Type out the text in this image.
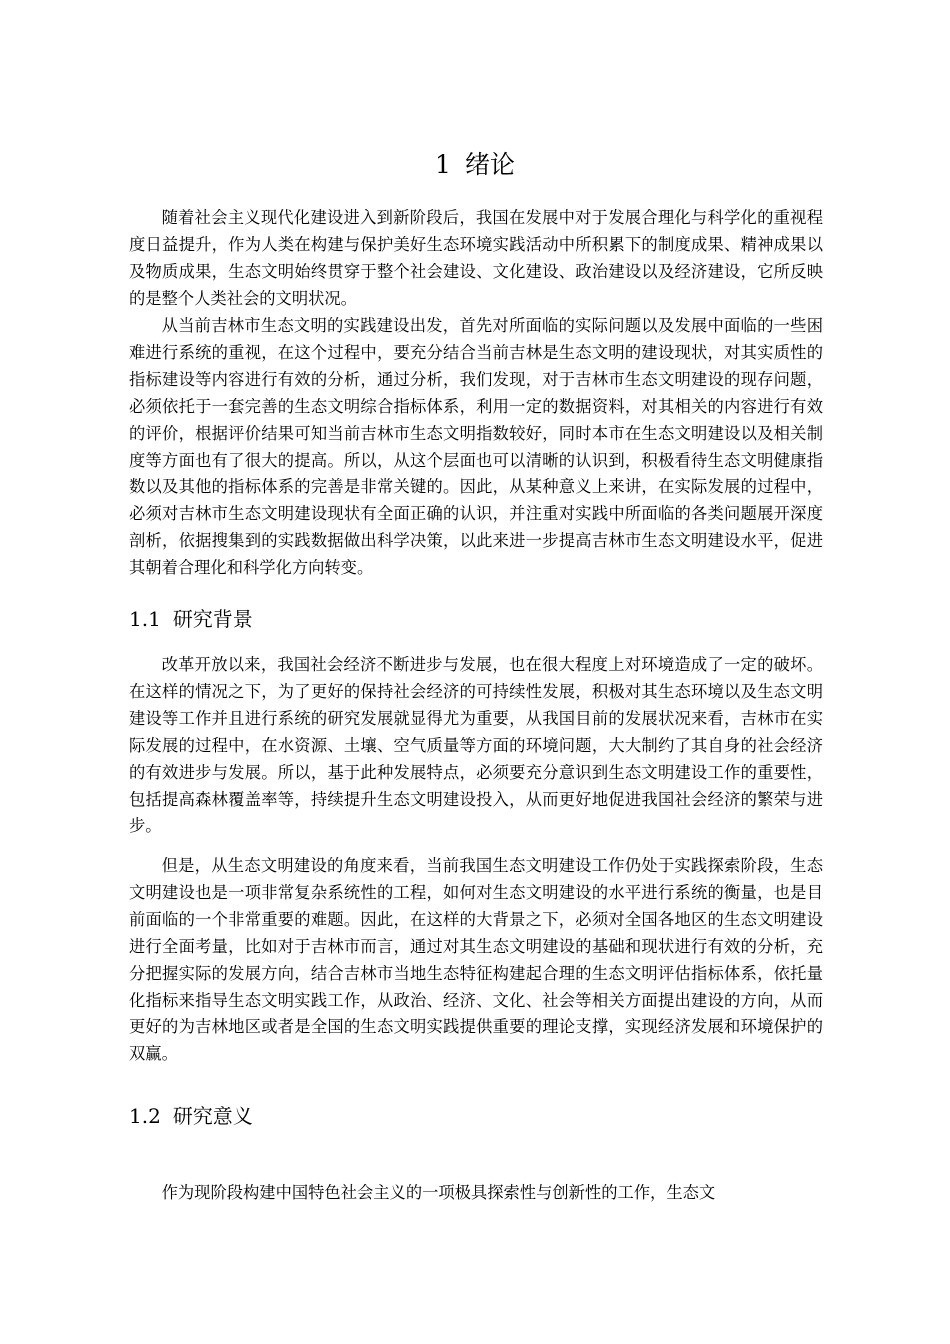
1 绪论

随着社会主义现代化建设进入到新阶段后，我国在发展中对于发展合理化与科学化的重视程度日益提升，作为人类在构建与保护美好生态环境实践活动中所积累下的制度成果、精神成果以及物质成果，生态文明始终贯穿于整个社会建设、文化建设、政治建设以及经济建设，它所反映的是整个人类社会的文明状况。

从当前吉林市生态文明的实践建设出发，首先对所面临的实际问题以及发展中面临的一些困难进行系统的重视，在这个过程中，要充分结合当前吉林是生态文明的建设现状，对其实质性的指标建设等内容进行有效的分析，通过分析，我们发现，对于吉林市生态文明建设的现存问题，必须依托于一套完善的生态文明综合指标体系，利用一定的数据资料，对其相关的内容进行有效的评价，根据评价结果可知当前吉林市生态文明指数较好，同时本市在生态文明建设以及相关制度等方面也有了很大的提高。所以，从这个层面也可以清晰的认识到，积极看待生态文明健康指数以及其他的指标体系的完善是非常关键的。因此，从某种意义上来讲，在实际发展的过程中，必须对吉林市生态文明建设现状有全面正确的认识，并注重对实践中所面临的各类问题展开深度剖析，依据搜集到的实践数据做出科学决策，以此来进一步提高吉林市生态文明建设水平，促进其朝着合理化和科学化方向转变。

1.1 研究背景

改革开放以来，我国社会经济不断进步与发展，也在很大程度上对环境造成了一定的破坏。在这样的情况之下，为了更好的保持社会经济的可持续性发展，积极对其生态环境以及生态文明建设等工作并且进行系统的研究发展就显得尤为重要，从我国目前的发展状况来看，吉林市在实际发展的过程中，在水资源、土壤、空气质量等方面的环境问题，大大制约了其自身的社会经济的有效进步与发展。所以，基于此种发展特点，必须要充分意识到生态文明建设工作的重要性，包括提高森林覆盖率等，持续提升生态文明建设投入，从而更好地促进我国社会经济的繁荣与进步。

但是，从生态文明建设的角度来看，当前我国生态文明建设工作仍处于实践探索阶段，生态文明建设也是一项非常复杂系统性的工程，如何对生态文明建设的水平进行系统的衡量，也是目前面临的一个非常重要的难题。因此，在这样的大背景之下，必须对全国各地区的生态文明建设进行全面考量，比如对于吉林市而言，通过对其生态文明建设的基础和现状进行有效的分析，充分把握实际的发展方向，结合吉林市当地生态特征构建起合理的生态文明评估指标体系，依托量化指标来指导生态文明实践工作，从政治、经济、文化、社会等相关方面提出建设的方向，从而更好的为吉林地区或者是全国的生态文明实践提供重要的理论支撑，实现经济发展和环境保护的双赢。

1.2 研究意义

作为现阶段构建中国特色社会主义的一项极具探索性与创新性的工作，生态文
